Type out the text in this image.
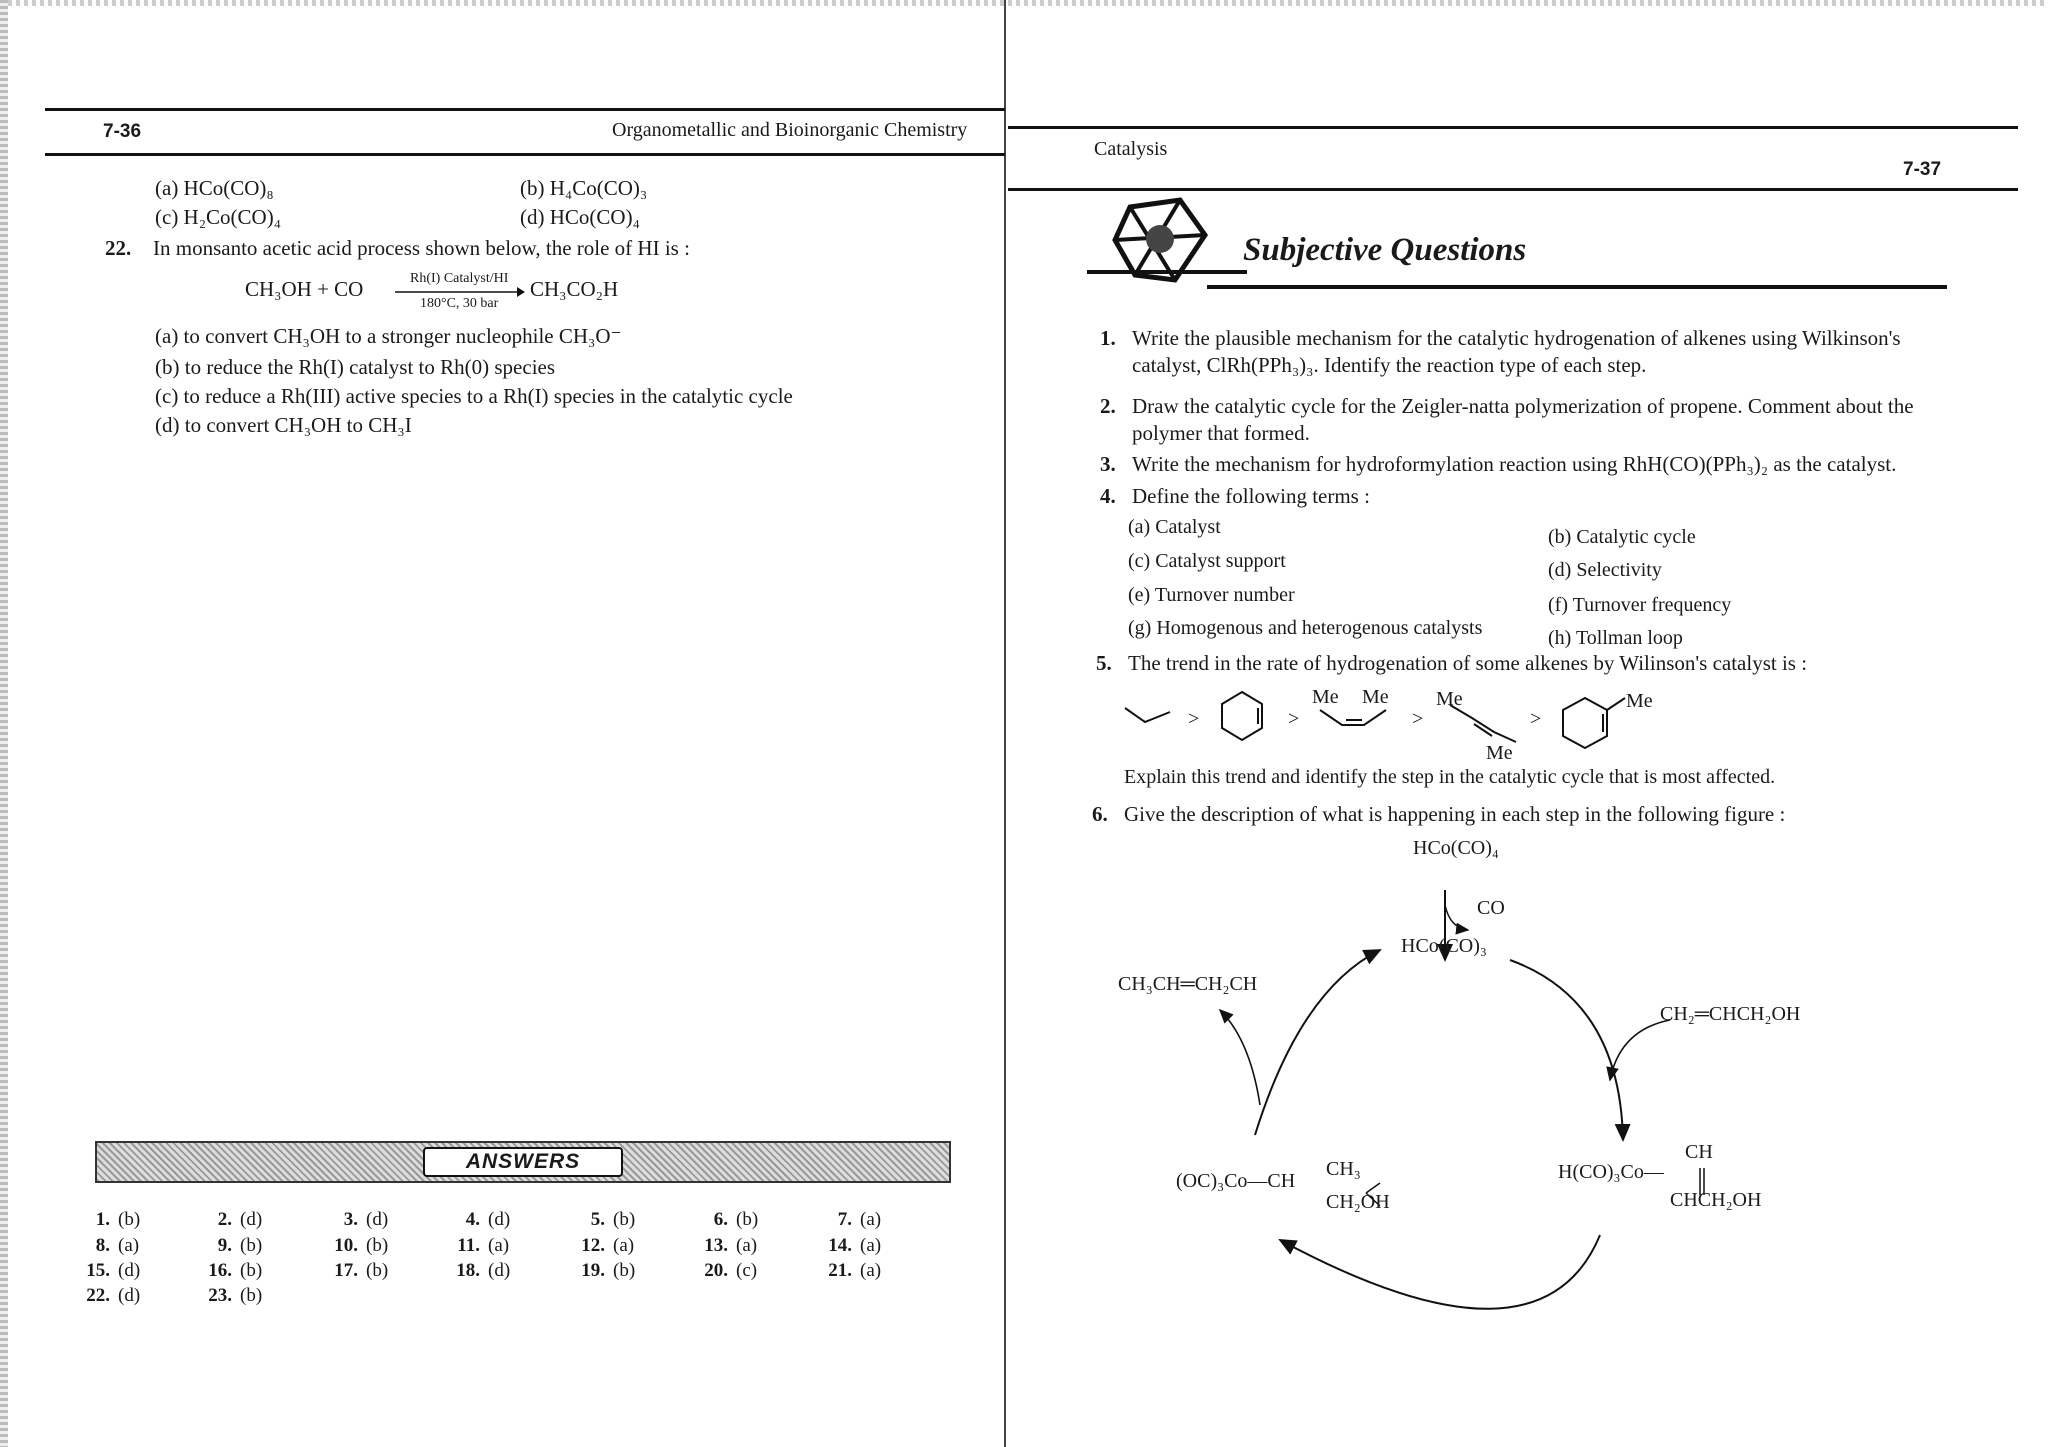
7-36	Organometallic and Bioinorganic Chemistry
(a) HCo(CO)₈	(b) H₄Co(CO)₃
(c) H₂Co(CO)₄	(d) HCo(CO)₄
22. In monsanto acetic acid process shown below, the role of HI is :
CH₃OH + CO	Rh(I) Catalyst/HI
180°C, 30 bar
CH₃CO₂H
(a) to convert CH₃OH to a stronger nucleophile CH₃O⁻
(b) to reduce the Rh(I) catalyst to Rh(0) species
(c) to reduce a Rh(III) active species to a Rh(I) species in the catalytic cycle
(d) to convert CH₃OH to CH₃I
ANSWERS
1. (b)	2. (d)	3. (d)	4. (d)	5. (b)	6. (b)	7. (a)
8. (a)	9. (b)	10. (b)	11. (a)	12. (a)	13. (a)	14. (a)
15. (d)	16. (b)	17. (b)	18. (d)	19. (b)	20. (c)	21. (a)
22. (d)	23. (b)
Catalysis
7-37
Subjective Questions
1. Write the plausible mechanism for the catalytic hydrogenation of alkenes using Wilkinson's
catalyst, ClRh(PPh₃)₃. Identify the reaction type of each step.
2. Draw the catalytic cycle for the Zeigler-natta polymerization of propene. Comment about the
polymer that formed.
3. Write the mechanism for hydroformylation reaction using RhH(CO)(PPh₃)₂ as the catalyst.
4. Define the following terms :
(a) Catalyst	(b) Catalytic cycle
(c) Catalyst support	(d) Selectivity
(e) Turnover number	(f) Turnover frequency
(g) Homogenous and heterogenous catalysts	(h) Tollman loop
5. The trend in the rate of hydrogenation of some alkenes by Wilinson's catalyst is :
>	>	>	>
Me Me Me
Me
Me
Explain this trend and identify the step in the catalytic cycle that is most affected.
6. Give the description of what is happening in each step in the following figure :
HCo(CO)₄
CO
HCo(CO)₃
CH₃CH═CH₂CH
CH₂═CHCH₂OH
CH
H(CO)₃Co—
CHCH₂OH
(OC)₃Co—CH
CH₃
CH₂OH
